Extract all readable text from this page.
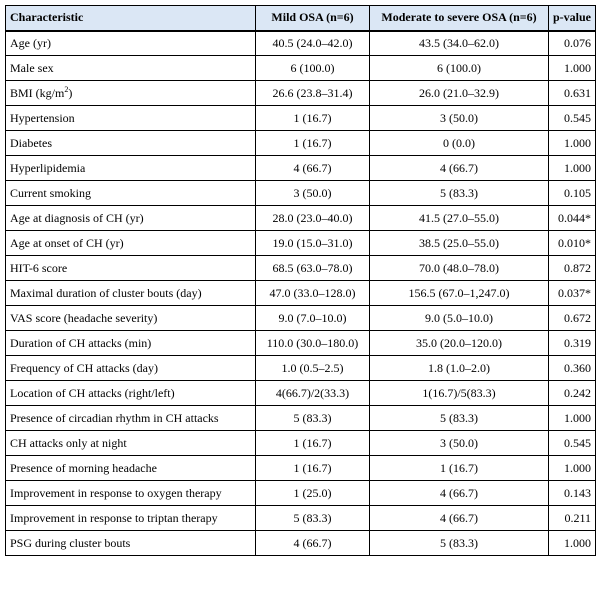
Characteristic	Mild OSA (n=6)	Moderate to severe OSA (n=6)	p-value
Age (yr)	40.5 (24.0–42.0)	43.5 (34.0–62.0)	0.076
Male sex	6 (100.0)	6 (100.0)	1.000
BMI $(kg/m^2)$	26.6 (23.8–31.4)	26.0 (21.0–32.9)	0.631
Hypertension	1 (16.7)	3 (50.0)	0.545
Diabetes	1 (16.7)	0 (0.0)	1.000
Hyperlipidemia	4 (66.7)	4 (66.7)	1.000
Current smoking	3 (50.0)	5 (83.3)	0.105
Age at diagnosis of CH (yr)	28.0 (23.0–40.0)	41.5 (27.0–55.0)	0.044*
Age at onset of CH (yr)	19.0 (15.0–31.0)	38.5 (25.0–55.0)	0.010*
HIT-6 score	68.5 (63.0–78.0)	70.0 (48.0–78.0)	0.872
Maximal duration of cluster bouts (day)	47.0 (33.0–128.0)	156.5 (67.0–1,247.0)	0.037*
VAS score (headache severity)	9.0 (7.0–10.0)	9.0 (5.0–10.0)	0.672
Duration of CH attacks (min)	110.0 (30.0–180.0)	35.0 (20.0–120.0)	0.319
Frequency of CH attacks (day)	1.0 (0.5–2.5)	1.8 (1.0–2.0)	0.360
Location of CH attacks (right/left)	4(66.7)/2(33.3)	1(16.7)/5(83.3)	0.242
Presence of circadian rhythm in CH attacks	5 (83.3)	5 (83.3)	1.000
CH attacks only at night	1 (16.7)	3 (50.0)	0.545
Presence of morning headache	1 (16.7)	1 (16.7)	1.000
Improvement in response to oxygen therapy	1 (25.0)	4 (66.7)	0.143
Improvement in response to triptan therapy	5 (83.3)	4 (66.7)	0.211
PSG during cluster bouts	4 (66.7)	5 (83.3)	1.000
